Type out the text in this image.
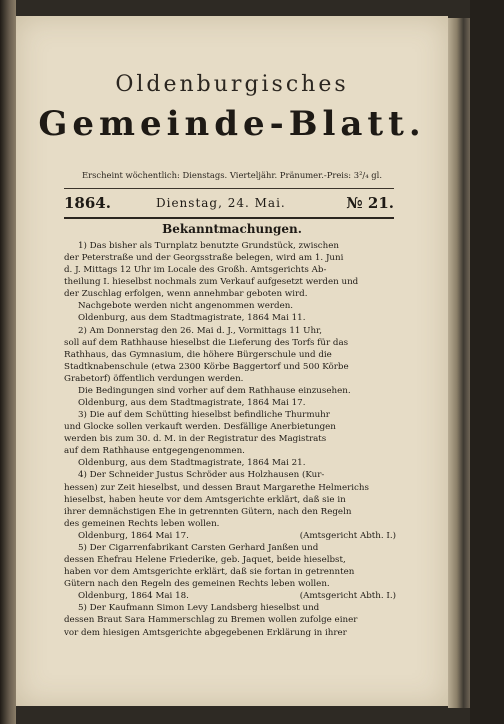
Oldenburgisches
Gemeinde-Blatt.
Erscheint wöchentlich: Dienstags. Vierteljähr. Pränumer.-Preis: 3²/₄ gl.
1864.	Dienstag, 24. Mai.	№ 21.
Bekanntmachungen.

1) Das bisher als Turnplatz benutzte Grundstück, zwischen

der Peterstraße und der Georgsstraße belegen, wird am 1. Juni

d. J. Mittags 12 Uhr im Locale des Großh. Amtsgerichts Ab-

theilung I. hieselbst nochmals zum Verkauf aufgesetzt werden und

der Zuschlag erfolgen, wenn annehmbar geboten wird.

Nachgebote werden nicht angenommen werden.

Oldenburg, aus dem Stadtmagistrate, 1864 Mai 11.

2) Am Donnerstag den 26. Mai d. J., Vormittags 11 Uhr,

soll auf dem Rathhause hieselbst die Lieferung des Torfs für das

Rathhaus, das Gymnasium, die höhere Bürgerschule und die

Stadtknabenschule (etwa 2300 Körbe Baggertorf und 500 Körbe

Grabetorf) öffentlich verdungen werden.

Die Bedingungen sind vorher auf dem Rathhause einzusehen.

Oldenburg, aus dem Stadtmagistrate, 1864 Mai 17.

3) Die auf dem Schütting hieselbst befindliche Thurmuhr

und Glocke sollen verkauft werden. Desfällige Anerbietungen

werden bis zum 30. d. M. in der Registratur des Magistrats

auf dem Rathhause entgegengenommen.

Oldenburg, aus dem Stadtmagistrate, 1864 Mai 21.

4) Der Schneider Justus Schröder aus Holzhausen (Kur-

hessen) zur Zeit hieselbst, und dessen Braut Margarethe Helmerichs

hieselbst, haben heute vor dem Amtsgerichte erklärt, daß sie in

ihrer demnächstigen Ehe in getrennten Gütern, nach den Regeln

des gemeinen Rechts leben wollen.

Oldenburg, 1864 Mai 17.	(Amtsgericht Abth. I.)

5) Der Cigarrenfabrikant Carsten Gerhard Janßen und

dessen Ehefrau Helene Friederike, geb. Jaquet, beide hieselbst,

haben vor dem Amtsgerichte erklärt, daß sie fortan in getrennten

Gütern nach den Regeln des gemeinen Rechts leben wollen.

Oldenburg, 1864 Mai 18.	(Amtsgericht Abth. I.)

5) Der Kaufmann Simon Levy Landsberg hieselbst und

dessen Braut Sara Hammerschlag zu Bremen wollen zufolge einer

vor dem hiesigen Amtsgerichte abgegebenen Erklärung in ihrer
